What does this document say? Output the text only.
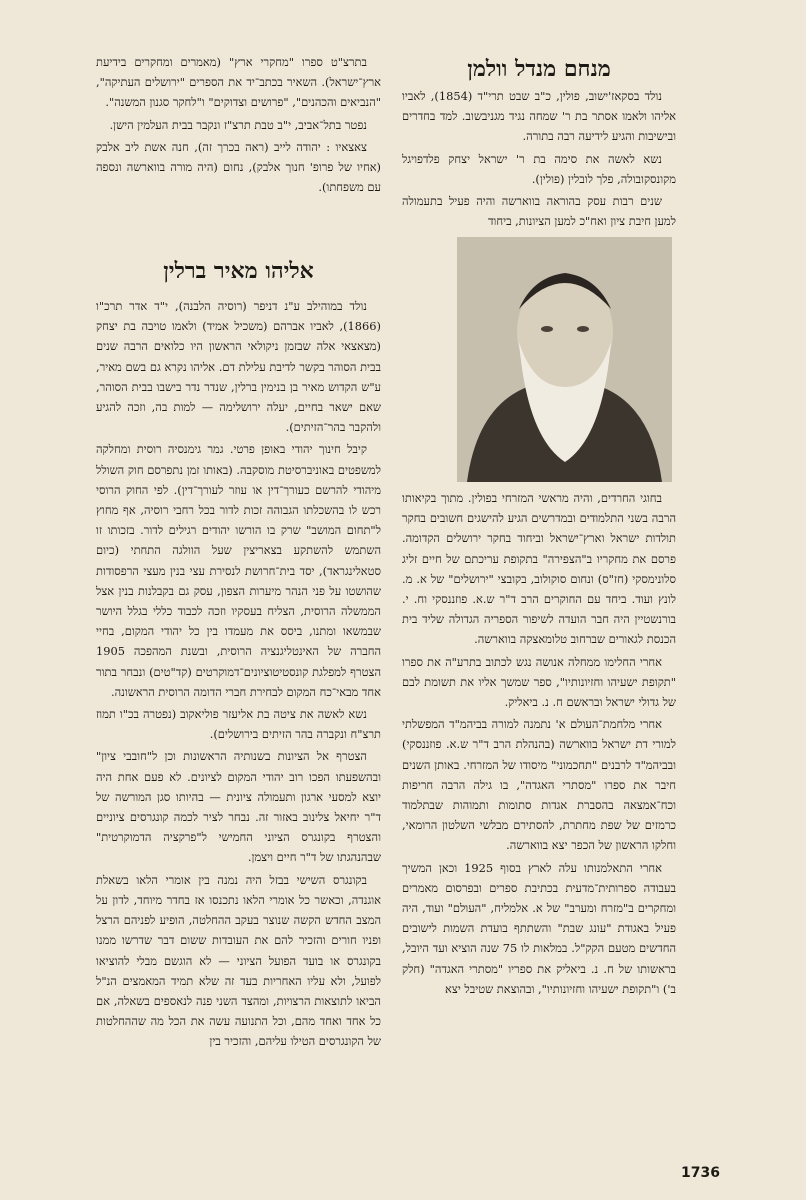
מנחם מנדל וולמן

נולד בסקאז'ישוב, פולין, כ"ב שבט תרי"ד (1854), לאביו אליהו ולאמו אסתר בת ר' שמחה נגיד מגניבשוב. למד בחדרים ובישיבות והגיע לידיעה רבה בתורה.

נשא לאשה את סימה בת ר' ישראל יצחק פלדפויגל מקונסקובולה, פלך לובלין (פולין).

שנים רבות עסק בהוראה בווארשה והיה פעיל בתעמולה למען חיבת ציון ואח"כ למען הציונות, ביחוד

בחוגי החרדים, והיה מראשי המזרחי בפולין. מתוך בקיאותו הרבה בשני התלמודים ובמדרשים הגיע להישגים חשובים בחקר תולדות ישראל וארץ־ישראל וביחוד בחקר ירושלים הקדומה. פרסם את מחקריו ב"הצפירה" בתקופת עריכתם של חיים זליג סלונימסקי (חז"ס) ונחום סוקולוב, בקובצי "ירושלים" של א. מ. לונץ ועוד. ביחד עם החוקרים הרב ד"ר ש.א. פוזננסקי וח. י. בורנשטיין היה חבר הועדה לשיפור הספריה הגדולה שליד בית הכנסת לגאורים שברחוב טלומאצקה בווארשה.

אחרי החלימו ממחלה אנושה נגש לכתוב בתרע"ה את ספרו "תקופת ישעיהו וחזיונותיו", ספר שמשך אליו את תשומת לבם של גדולי ישראל ובראשם ח. נ. ביאליק.

אחרי מלחמת־העולם א' נתמנה למורה בביהמ"ד המפשלתי למורי דת ישראל בווארשה (בהנהלת הרב ד"ר ש.א. פוזננסקי) ובביהמ"ד לרבנים "תחכמוני" מיסודו של המזרחי. באותן השנים חיבר את ספרו "מסתרי האגדה", בו גילה הרבה חריפות וכח־אמצאה בהסברת אגדות סתומות ותמוהות שבתלמוד כרמזים של שפת מחתרת, להסתירם מבלשי השלטון הרומאי, וחלקו הראשון של הכפר יצא בווארשה.

אחרי התאלמנותו עלה לארץ בסוף 1925 וכאן המשיך בעבודה ספרותית־מדעית בכתיבת ספרים ובפרסום מאמרים ומחקרים ב"מזרח ומערב" של א. אלמליח, "העולם" ועוד, היה פעיל באגודת "עונג שבת" והשתתף בועדת השמות לישובים החדשים מטעם הקק"ל. במלאות לו 75 שנה הוציא ועד היובל, בראשותו של ח. נ. ביאליק את ספריו "מסתרי האגדה" (חלק ב') ו"תקופת ישעיהו וחזיונותיו", ובהוצאת שטיבל יצא

בתרצ"ט ספרו "מחקרי ארץ" (מאמרים ומחקרים בידיעת ארץ־ישראל). השאיר בכתב־יד את הספרים "ירושלים העתיקה", "הנביאים והכהנים", "פרושים וצדוקים" ו"לחקר סגנון המשנה".

נפטר בתל־אביב, י"ב טבת תרצ"ז ונקבר בבית העלמין הישן.

צאצאיו : יהודה לייב (ראה בכרך זה), חנה אשת ליב אלבק (אחיו של פרופ' חנוך אלבק), נחום (היה מורה בווארשה ונספה עם משפחתו).

אליהו מאיר ברלין

נולד במוהילב ע"נ דניפר (רוסיה הלבנה), י"ד אדר תרכ"ו (1866), לאביו אברהם (משכיל אמיד) ולאמו טויבה בת יצחק (מצאצאי אלה שבזמן ניקולאי הראשון היו כלואים הרבה שנים בבית הסוהר בקשר לדיבת עלילת דם. אליהו נקרא גם בשם מאיר, ע"ש הקדוש מאיר בן בנימין ברלין, שנדר נדר בישבו בבית הסוהר, שאם ישאר בחיים, יעלה ירושלימה — למות בה, וזכה להגיע ולהקבר בהר־הזיתים).

קיבל חינוך יהודי באופן פרטי. גמר גימנסיה רוסית ומחלקה למשפטים באוניברסיטת מוסקבה. (באותו זמן נתפרסם חוק השולל מיהודי להרשם כעורך־דין או עוזר לעורך־דין). לפי החוק הרוסי רכש לו בהשכלתו הגבוהה זכות לדור בכל רחבי רוסיה, אף מחוץ ל"תחום המושב" שרק בו הורשו יהודים רגילים לדור. בזכותו זו השתמש להשתקע בצאריצין שעל הוולגה התחתי (כיום סטאלינגראד), יסד בית־חרושת לנסירת עצי בנין מעצי הרפסודות שהושטו על פני הנהר מיערות הצפון, עסק גם בקבלנות בנין אצל הממשלה הרוסית, הצליח בעסקיו וזכה לכבוד כללי בגלל היושר שבמשאו ומתנו, ביסס את מעמדו בין כל יהודי המקום, בחיי החברה של האינטליגנציה הרוסית, ובשנת המהפכה 1905 הצטרף למפלגת קונסטיטוציונים־דמוקרטים (קד"טים) ונבחר בתור אחד מבאי־כח המקום לבחירת חברי הדומה הרוסית הראשונה.

נשא לאשה את ציטה בת אליעזר פוליאקוב (נפטרה בכ"ו תמוז תרצ"ח ונקברה בהר הזיתים בירושלים).

הצטרף אל הציונות בשנותיה הראשונות וכן ל"חובבי ציון" ובהשפעתו הפכו רוב יהודי המקום לציונים. לא פעם אחת היה יוצא למסעי ארגון ותעמולה ציונית — בהיותו סגן המורשה של ד"ר יחיאל צלינוב באזור זה. נבחר לציר לכמה קונגרסים ציוניים והצטרף בקונגרס הציוני החמישי ל"פרקציה הדמוקרטית" שבהנהגתו של ד"ר חיים ויצמן.

בקונגרס השישי בבזל היה נמנה בין אומרי הלאו בשאלת אוגנדה, וכאשר כל אומרי הלאו נתכנסו אז בחדר מיוחד, לדון על המצב החדש הקשה שנוצר בעקב ההחלטה, הופיע לפניהם הרצל ופניו חורים והזכיר להם את העובדות ששום דבר שדרשו ממנו בקונגרס או בועד הפועל הציוני — לא הוגשם מבלי להוציאו לפועל, ולא עליו האחריות בעד זה שלא תמיד המאמצים הנ"ל הביאו לתוצאות הרצויות, ומהצד השני פנה לנאספים בשאלה, אם כל אחד ואחד מהם, וכל התנועה עשה את הכל מה שההחלטות של הקונגרסים הטילו עליהם, והזכיר בין

1736
